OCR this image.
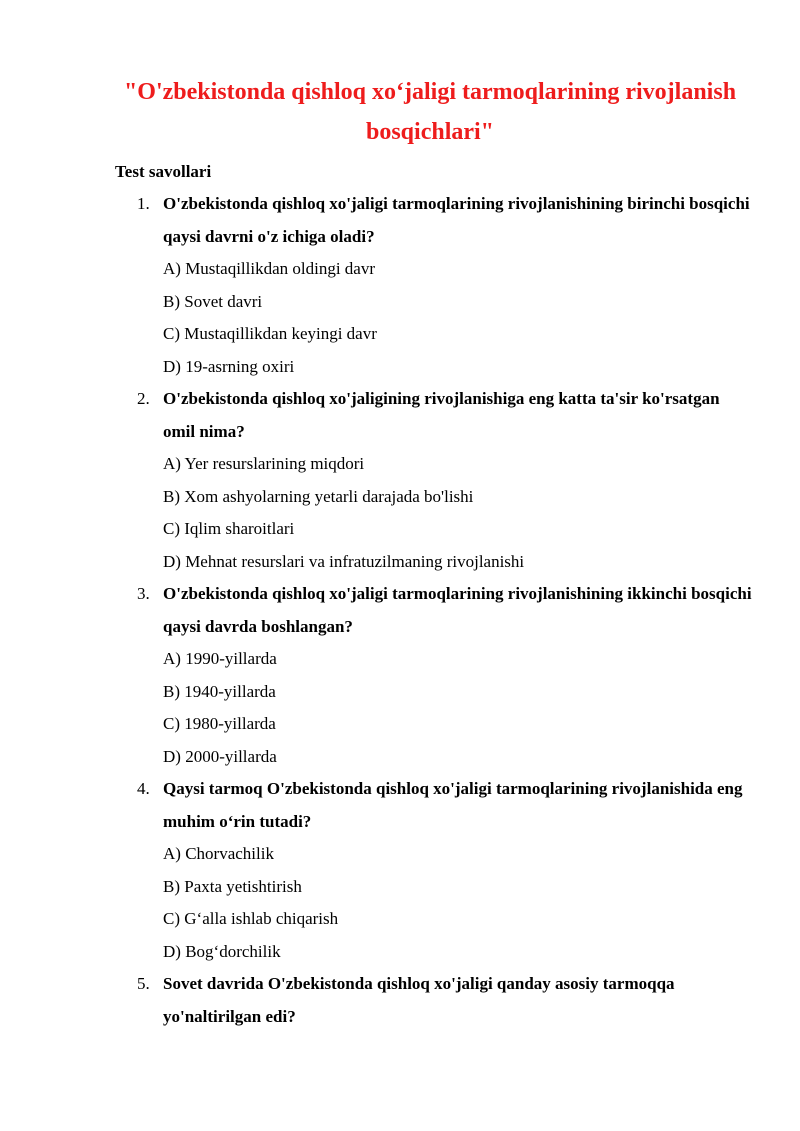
"O'zbekistonda qishloq xo‘jaligi tarmoqlarining rivojlanish bosqichlari"

Test savollari

1. O'zbekistonda qishloq xo'jaligi tarmoqlarining rivojlanishining birinchi bosqichi qaysi davrni o'z ichiga oladi?

A) Mustaqillikdan oldingi davr

B) Sovet davri

C) Mustaqillikdan keyingi davr

D) 19-asrning oxiri

2. O'zbekistonda qishloq xo'jaligining rivojlanishiga eng katta ta'sir ko'rsatgan omil nima?

A) Yer resurslarining miqdori

B) Xom ashyolarning yetarli darajada bo'lishi

C) Iqlim sharoitlari

D) Mehnat resurslari va infratuzilmaning rivojlanishi

3. O'zbekistonda qishloq xo'jaligi tarmoqlarining rivojlanishining ikkinchi bosqichi qaysi davrda boshlangan?

A) 1990-yillarda

B) 1940-yillarda

C) 1980-yillarda

D) 2000-yillarda

4. Qaysi tarmoq O'zbekistonda qishloq xo'jaligi tarmoqlarining rivojlanishida eng muhim o‘rin tutadi?

A) Chorvachilik

B) Paxta yetishtirish

C) G‘alla ishlab chiqarish

D) Bog‘dorchilik

5. Sovet davrida O'zbekistonda qishloq xo'jaligi qanday asosiy tarmoqqa yo'naltirilgan edi?
